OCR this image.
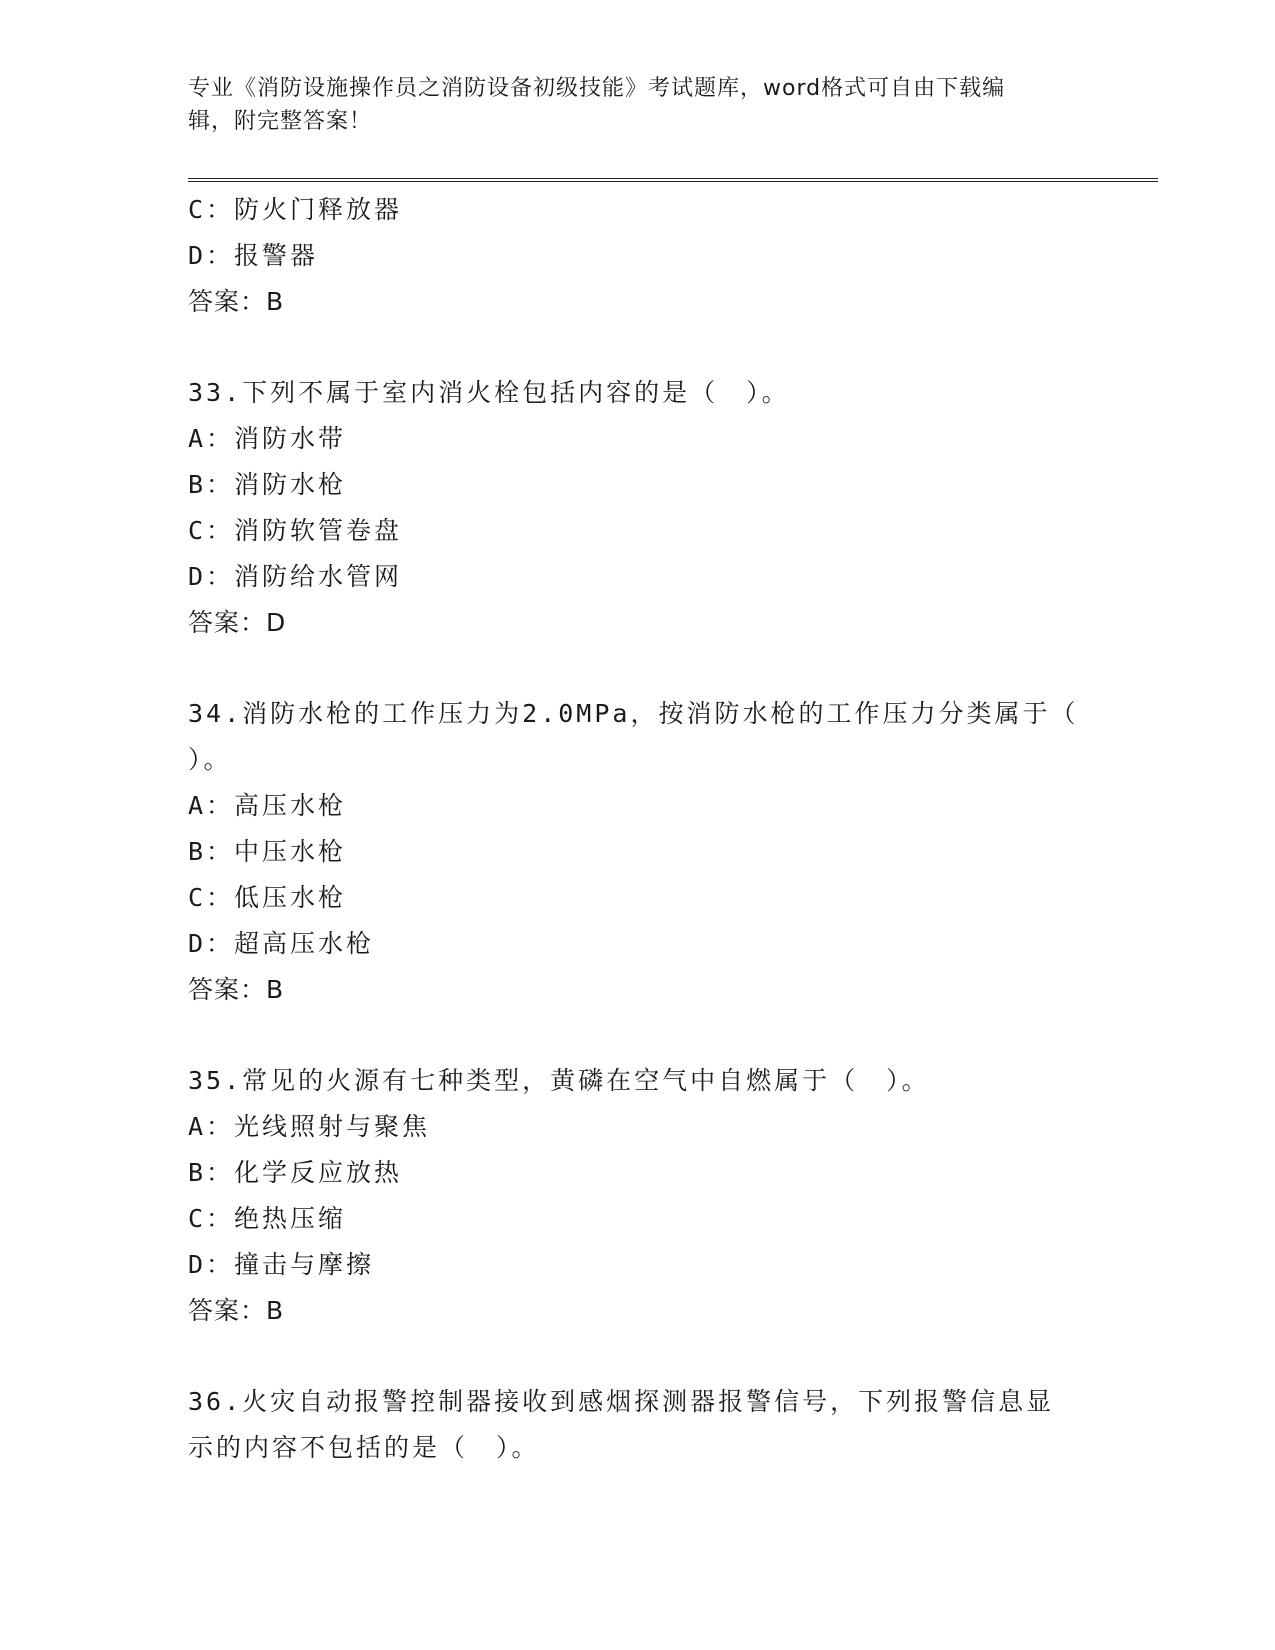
专业《消防设施操作员之消防设备初级技能》考试题库，word格式可自由下载编
辑，附完整答案！
C：防火门释放器
D：报警器
答案：B
33.下列不属于室内消火栓包括内容的是（　）。
A：消防水带
B：消防水枪
C：消防软管卷盘
D：消防给水管网
答案：D
34.消防水枪的工作压力为2.0MPa，按消防水枪的工作压力分类属于（
）。
A：高压水枪
B：中压水枪
C：低压水枪
D：超高压水枪
答案：B
35.常见的火源有七种类型，黄磷在空气中自燃属于（　）。
A：光线照射与聚焦
B：化学反应放热
C：绝热压缩
D：撞击与摩擦
答案：B
36.火灾自动报警控制器接收到感烟探测器报警信号，下列报警信息显
示的内容不包括的是（　）。
